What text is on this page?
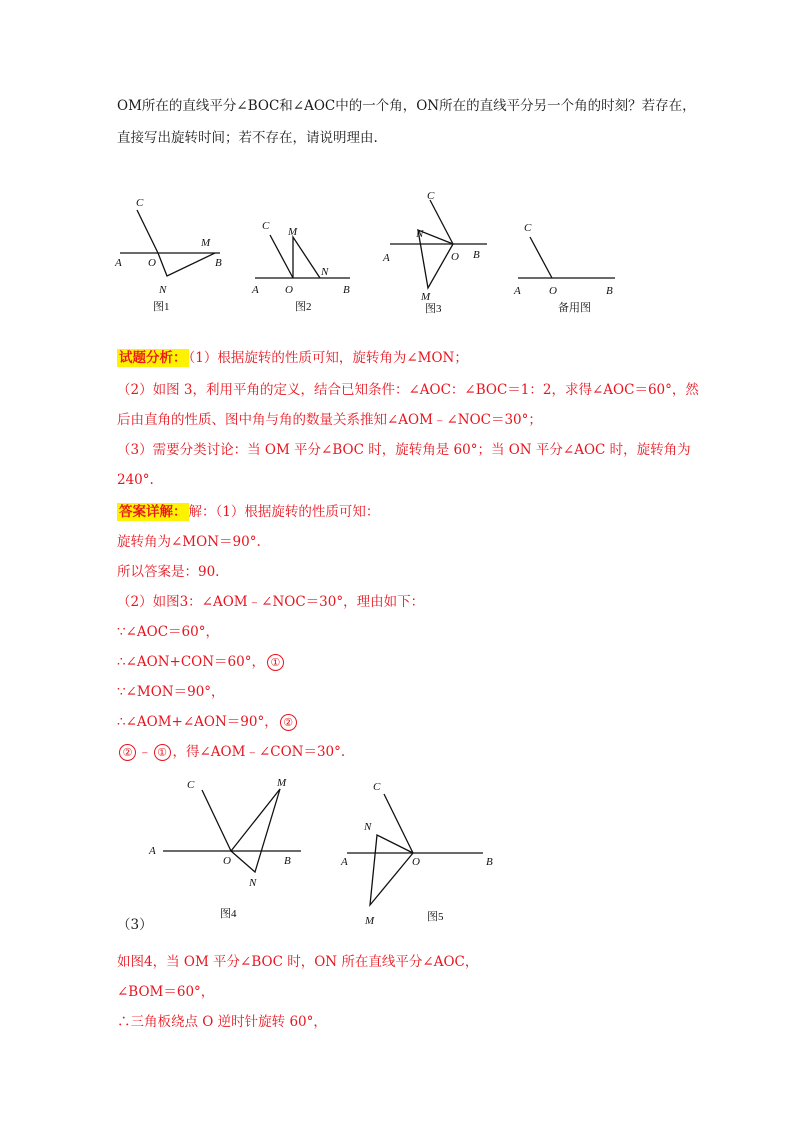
OM所在的直线平分∠BOC和∠AOC中的一个角，ON所在的直线平分另一个角的时刻？若存在，
直接写出旋转时间；若不存在，请说明理由.
C
A O
M
B
N
图1
C M
N
A O	B
图2
C
N
O B
A
M
图3
C
A	O	B
备用图
试题分析： （1）根据旋转的性质可知，旋转角为∠MON；
（2）如图 3，利用平角的定义，结合已知条件：∠AOC：∠BOC＝1：2，求得∠AOC＝60°，然
后由直角的性质、图中角与角的数量关系推知∠AOM﹣∠NOC＝30°；
（3）需要分类讨论：当 OM 平分∠BOC 时，旋转角是 60°；当 ON 平分∠AOC 时，旋转角为
240°.
答案详解： 解：（1）根据旋转的性质可知：
旋转角为∠MON＝90°.
所以答案是：90.
（2）如图3：∠AOM﹣∠NOC＝30°，理由如下：
∵∠AOC＝60°，
∴∠AON+CON＝60°， ①
∵∠MON＝90°，
∴∠AOM+∠AON＝90°， ②
② ﹣ ① ，得∠AOM﹣∠CON＝30°.
C	M
A
O	B
N
图4
C
N
A	O	B
M	图5
（3）
如图4，当 OM 平分∠BOC 时，ON 所在直线平分∠AOC，
∠BOM＝60°，
∴三角板绕点 O 逆时针旋转 60°，
